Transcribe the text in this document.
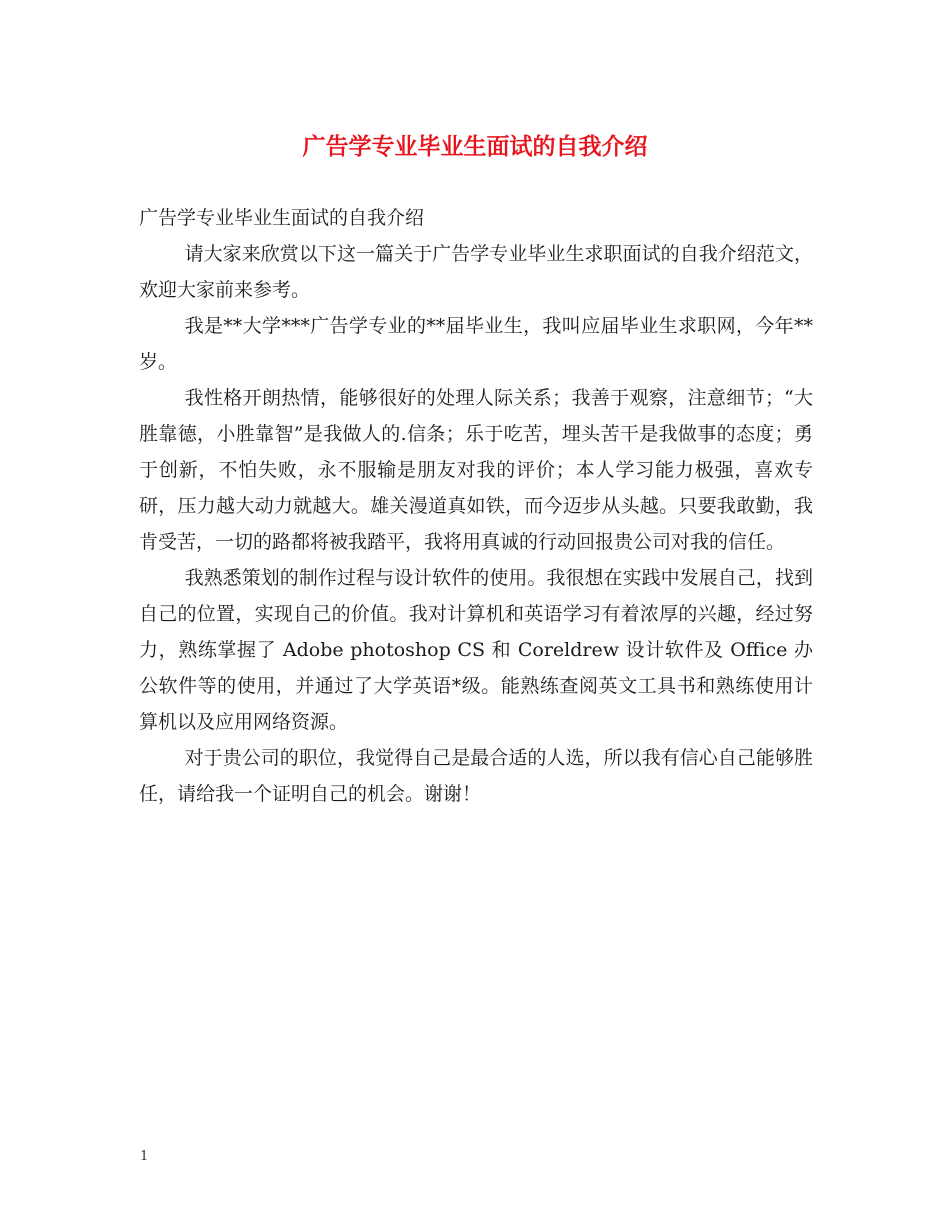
广告学专业毕业生面试的自我介绍

广告学专业毕业生面试的自我介绍

请大家来欣赏以下这一篇关于广告学专业毕业生求职面试的自我介绍范文，欢迎大家前来参考。

我是**大学***广告学专业的**届毕业生，我叫应届毕业生求职网，今年**岁。

我性格开朗热情，能够很好的处理人际关系；我善于观察，注意细节；“大胜靠德，小胜靠智”是我做人的.信条；乐于吃苦，埋头苦干是我做事的态度；勇于创新，不怕失败，永不服输是朋友对我的评价；本人学习能力极强，喜欢专研，压力越大动力就越大。雄关漫道真如铁，而今迈步从头越。只要我敢勤，我肯受苦，一切的路都将被我踏平，我将用真诚的行动回报贵公司对我的信任。

我熟悉策划的制作过程与设计软件的使用。我很想在实践中发展自己，找到自己的位置，实现自己的价值。我对计算机和英语学习有着浓厚的兴趣，经过努力，熟练掌握了 Adobe photoshop CS 和 Coreldrew 设计软件及 Office 办公软件等的使用，并通过了大学英语*级。能熟练查阅英文工具书和熟练使用计算机以及应用网络资源。

对于贵公司的职位，我觉得自己是最合适的人选，所以我有信心自己能够胜任，请给我一个证明自己的机会。谢谢！

1
